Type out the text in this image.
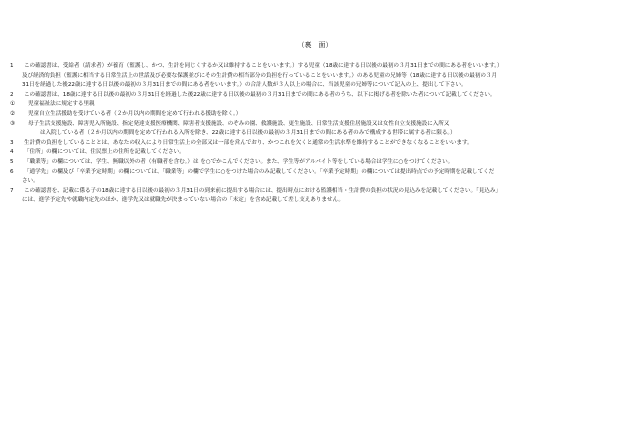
（裏　面）
1	この確認書は、受給者（請求者）が養育（監護し、かつ、生計を同じくするか又は維持することをいいます。）する児童（18歳に達する日以後の最初の３月31日までの間にある者をいいます。）
及び経済的負担（監護に相当する日常生活上の世話及び必要な保護並びにその生計費の相当部分の負担を行っていることをいいます。）のある児童の兄姉等（18歳に達する日以後の最初の３月
31日を経過した後22歳に達する日以後の最初の３月31日までの間にある者をいいます。）の合計人数が３人以上の場合に、当該児童の兄姉等について記入の上、提出して下さい。
2	この確認書は、18歳に達する日以後の最初の３月31日を経過した後22歳に達する日以後の最初の３月31日までの間にある者のうち、以下に掲げる者を除いた者について記載してください。
①	児童福祉法に規定する里親
②	児童自立生活援助を受けている者（２か月以内の期間を定めて行われる援助を除く。）
③	母子生活支援施設、障害児入所施設、指定発達支援医療機関、障害者支援施設、のぞみの園、救護施設、更生施設、日常生活支援住居施設又は女性自立支援施設に入所又
は入院している者（２か月以内の期間を定めて行われる入所を除き、22歳に達する日以後の最初の３月31日までの間にある者のみで構成する世帯に属する者に限る。）
3	生計費の負担をしていることとは、あなたの収入により日常生活上の全部又は一部を営んでおり、かつこれを欠くと通常の生活水準を維持することができなくなることをいいます。
4	「住所」の欄については、住民票上の住所を記載してください。
5	「職業等」の欄については、学生、無職以外の者（有職者を含む。）は を○でかこんでください。また、学生等がアルバイト等をしている場合は学生に○をつけてください。
6	「通学先」の欄及び「卒業予定時期」の欄については、「職業等」の欄で学生に○をつけた場合のみ記載してください。「卒業予定時期」の欄については提出時点での予定時期を記載してくだ
さい。
7	この確認書を、記載に係る子の18歳に達する日以後の最初の３月31日の到来前に提出する場合には、提出時点における監護相当・生計費の負担の状況の見込みを記載してください。「見込み」
には、進学予定先や就職内定先のほか、進学先又は就職先が決まっていない場合の「未定」を含め記載して差し支えありません。
